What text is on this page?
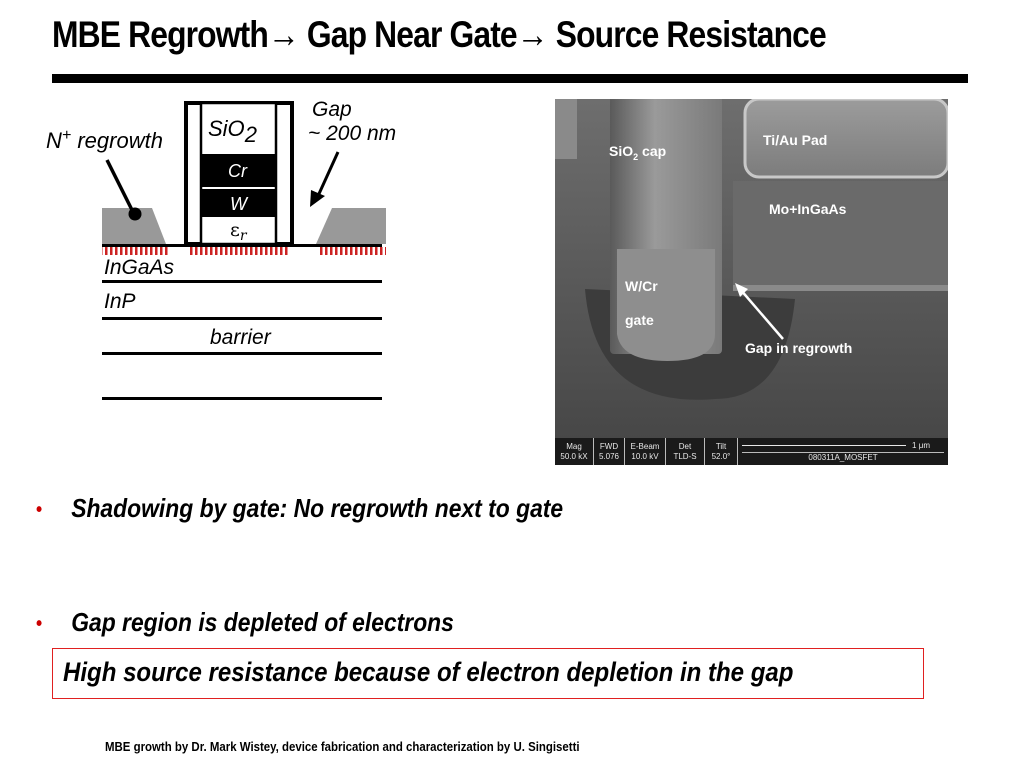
MBE Regrowth→ Gap Near Gate→ Source Resistance
N+ regrowth SiO2
Cr
W
$\varepsilon_r$
Gap
~ 200 nm
InGaAs
InP
barrier
SiO$_2$ cap
Ti/Au Pad
Mo+InGaAs
W/Cr
gate
Gap in regrowth
Mag
50.0 kX
FWD
5.076
E-Beam
10.0 kV
Det
TLD-S
Tilt
52.0°
1 μm
080311A_MOSFET
• Shadowing by gate: No regrowth next to gate
• Gap region is depleted of electrons
High source resistance because of electron depletion in the gap
MBE growth by Dr. Mark Wistey, device fabrication and characterization by U. Singisetti
